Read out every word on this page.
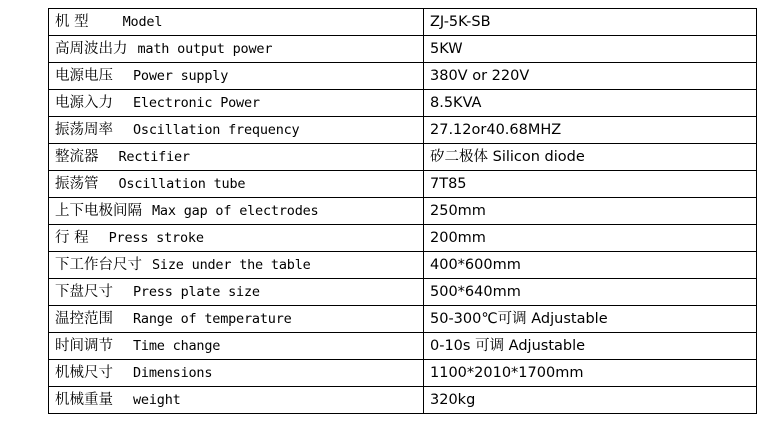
机 型 Model	ZJ-5K-SB
高周波出力 math output power	5KW
电源电压 Power supply	380V or 220V
电源入力 Electronic Power	8.5KVA
振荡周率 Oscillation frequency	27.12or40.68MHZ
整流器 Rectifier	矽二极体 Silicon diode
振荡管 Oscillation tube	7T85
上下电极间隔 Max gap of electrodes	250mm
行 程 Press stroke	200mm
下工作台尺寸 Size under the table	400*600mm
下盘尺寸 Press plate size	500*640mm
温控范围 Range of temperature	50-300℃可调 Adjustable
时间调节 Time change	0-10s 可调 Adjustable
机械尺寸 Dimensions	1100*2010*1700mm
机械重量 weight	320kg
